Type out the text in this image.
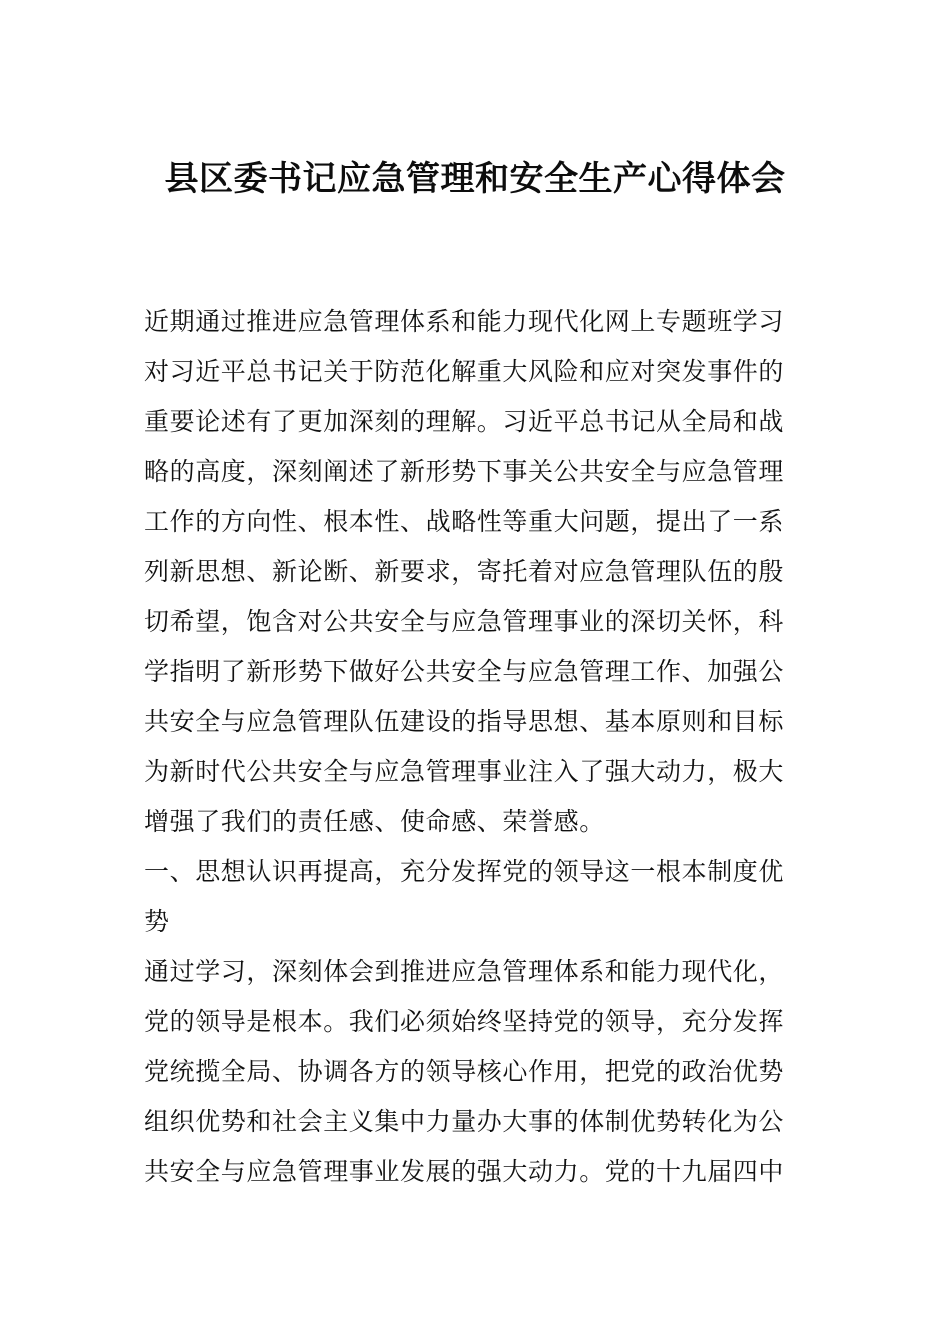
县区委书记应急管理和安全生产心得体会
近期通过推进应急管理体系和能力现代化网上专题班学习
对习近平总书记关于防范化解重大风险和应对突发事件的
重要论述有了更加深刻的理解。习近平总书记从全局和战
略的高度，深刻阐述了新形势下事关公共安全与应急管理
工作的方向性、根本性、战略性等重大问题，提出了一系
列新思想、新论断、新要求，寄托着对应急管理队伍的殷
切希望，饱含对公共安全与应急管理事业的深切关怀，科
学指明了新形势下做好公共安全与应急管理工作、加强公
共安全与应急管理队伍建设的指导思想、基本原则和目标
为新时代公共安全与应急管理事业注入了强大动力，极大
增强了我们的责任感、使命感、荣誉感。
一、思想认识再提高，充分发挥党的领导这一根本制度优
势
通过学习，深刻体会到推进应急管理体系和能力现代化，
党的领导是根本。我们必须始终坚持党的领导，充分发挥
党统揽全局、协调各方的领导核心作用，把党的政治优势
组织优势和社会主义集中力量办大事的体制优势转化为公
共安全与应急管理事业发展的强大动力。党的十九届四中
